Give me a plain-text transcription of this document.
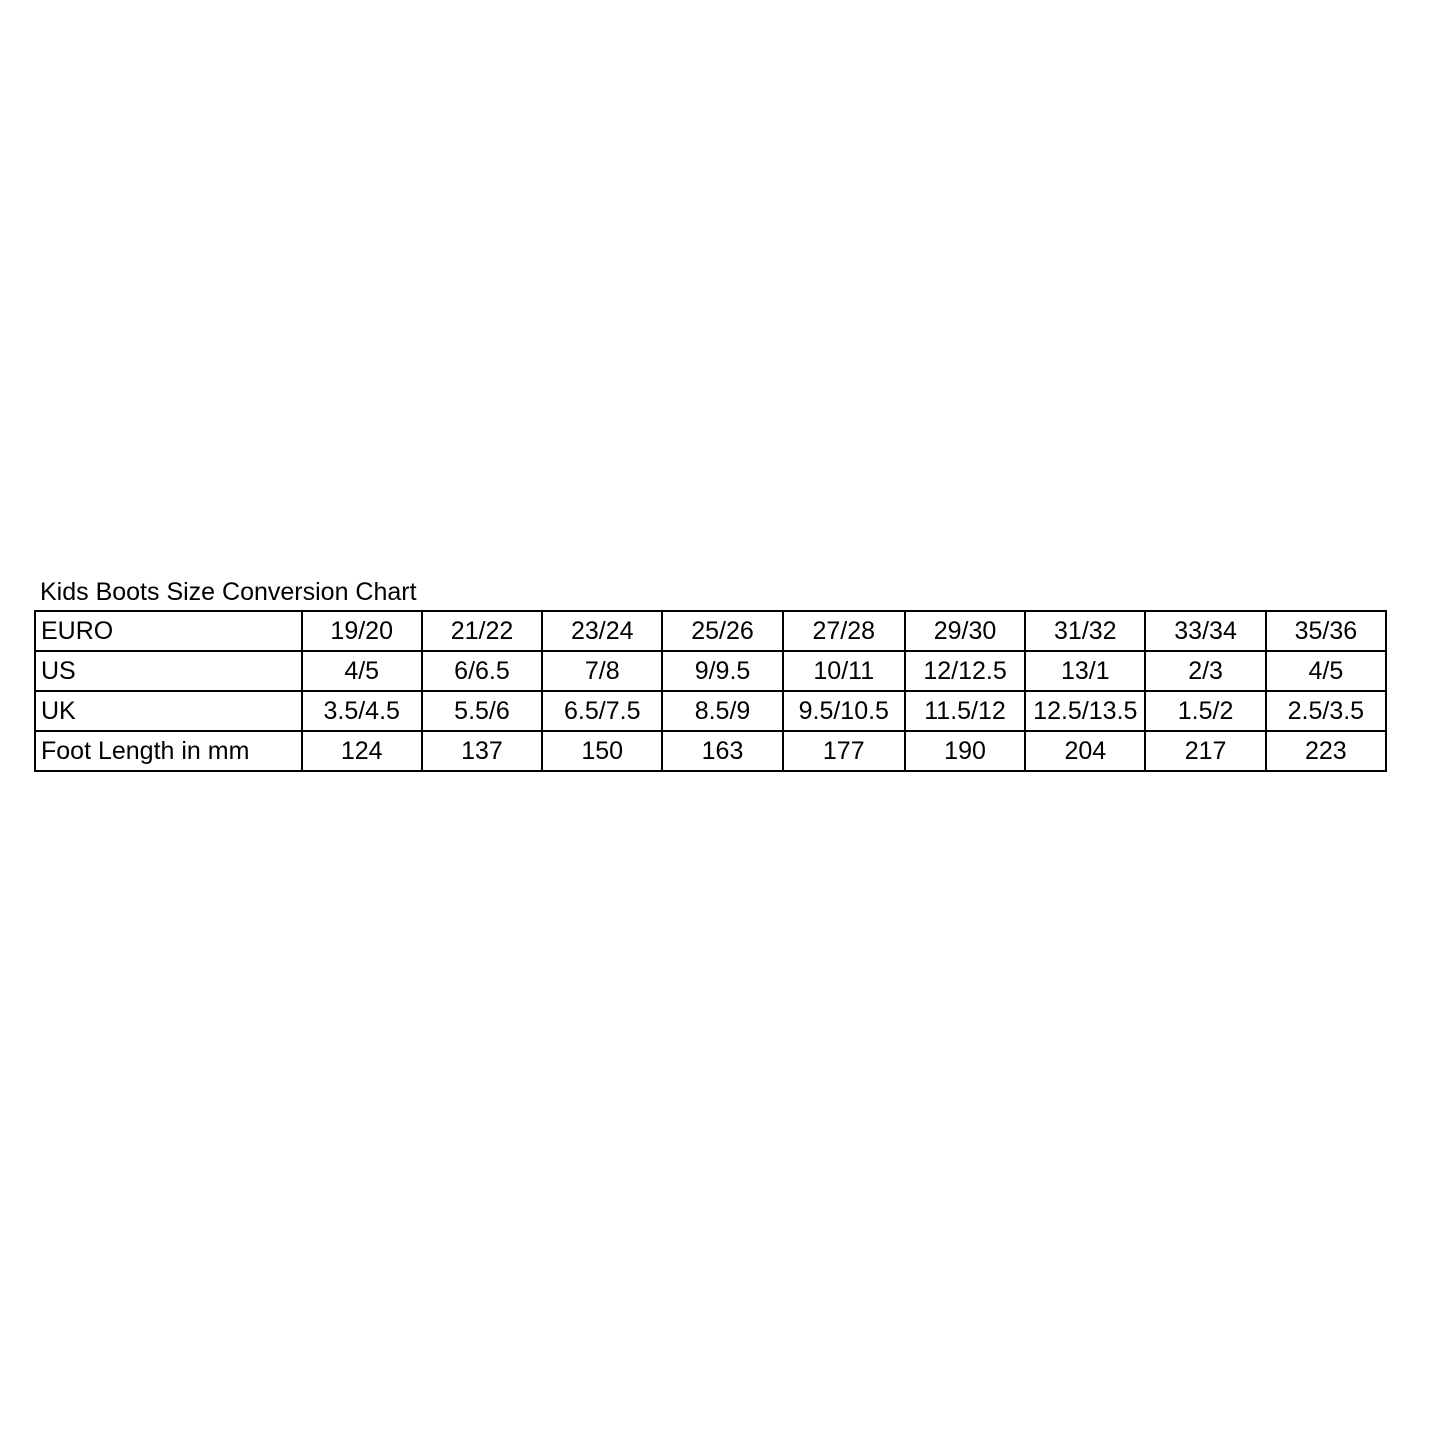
Kids Boots Size Conversion Chart
EURO	19/20	21/22	23/24	25/26	27/28	29/30	31/32	33/34	35/36
US	4/5	6/6.5	7/8	9/9.5	10/11	12/12.5	13/1	2/3	4/5
UK	3.5/4.5	5.5/6	6.5/7.5	8.5/9	9.5/10.5	11.5/12	12.5/13.5	1.5/2	2.5/3.5
Foot Length in mm	124	137	150	163	177	190	204	217	223
